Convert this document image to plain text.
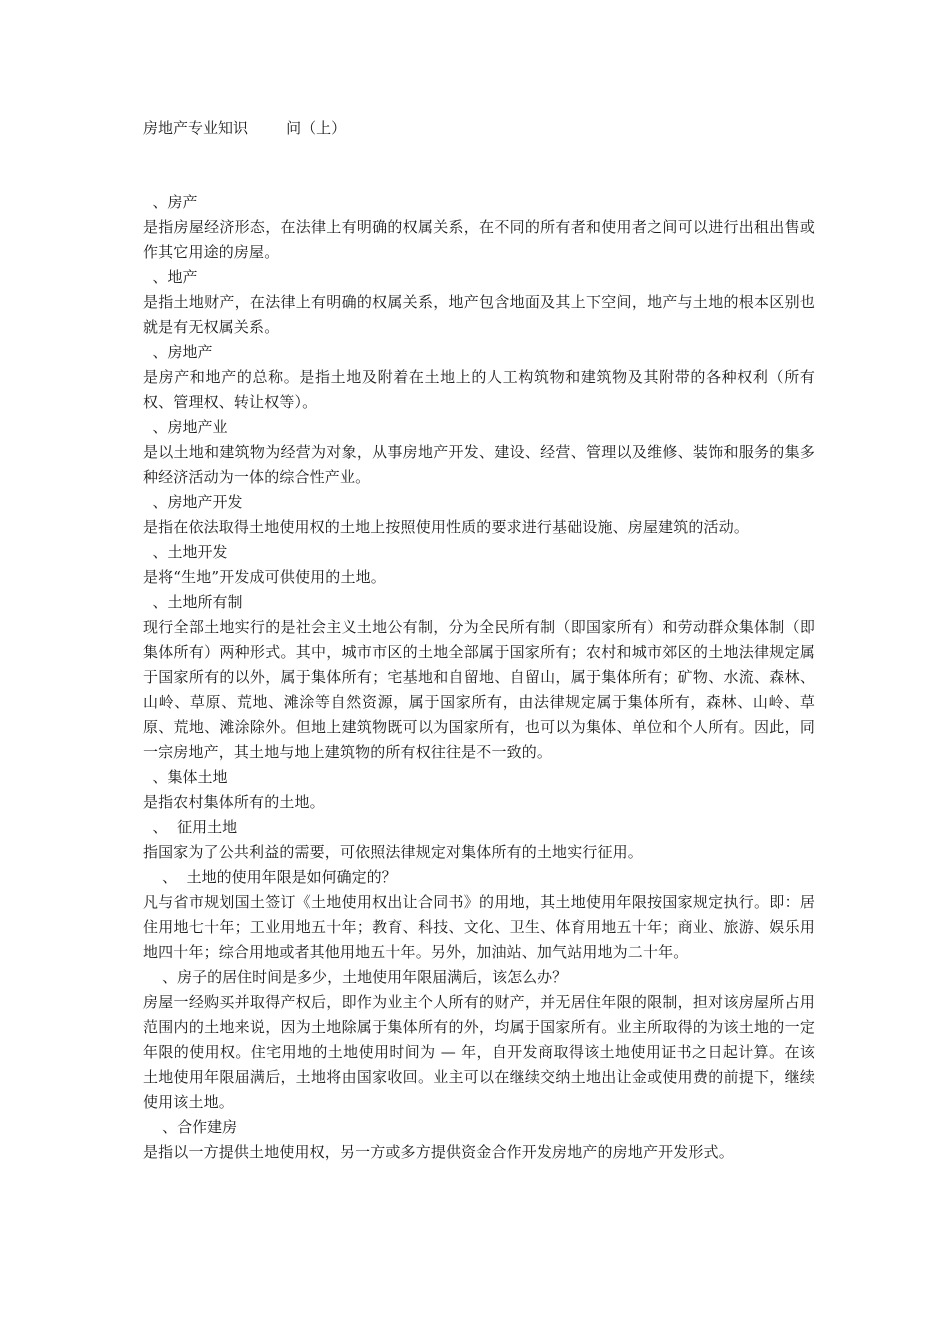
房地产专业知识        问（上）

、房产

是指房屋经济形态，在法律上有明确的权属关系，在不同的所有者和使用者之间可以进行出租出售或作其它用途的房屋。

、地产

是指土地财产，在法律上有明确的权属关系，地产包含地面及其上下空间，地产与土地的根本区别也就是有无权属关系。

、房地产

是房产和地产的总称。是指土地及附着在土地上的人工构筑物和建筑物及其附带的各种权利（所有权、管理权、转让权等）。

、房地产业

是以土地和建筑物为经营为对象，从事房地产开发、建设、经营、管理以及维修、装饰和服务的集多种经济活动为一体的综合性产业。

、房地产开发

是指在依法取得土地使用权的土地上按照使用性质的要求进行基础设施、房屋建筑的活动。

、土地开发

是将“生地”开发成可供使用的土地。

、土地所有制

现行全部土地实行的是社会主义土地公有制，分为全民所有制（即国家所有）和劳动群众集体制（即集体所有）两种形式。其中，城市市区的土地全部属于国家所有；农村和城市郊区的土地法律规定属于国家所有的以外，属于集体所有；宅基地和自留地、自留山，属于集体所有；矿物、水流、森林、山岭、草原、荒地、滩涂等自然资源，属于国家所有，由法律规定属于集体所有，森林、山岭、草原、荒地、滩涂除外。但地上建筑物既可以为国家所有，也可以为集体、单位和个人所有。因此，同一宗房地产，其土地与地上建筑物的所有权往往是不一致的。

、集体土地

是指农村集体所有的土地。

、  征用土地

指国家为了公共利益的需要，可依照法律规定对集体所有的土地实行征用。

、  土地的使用年限是如何确定的？

凡与省市规划国土签订《土地使用权出让合同书》的用地，其土地使用年限按国家规定执行。即：居住用地七十年；工业用地五十年；教育、科技、文化、卫生、体育用地五十年；商业、旅游、娱乐用地四十年；综合用地或者其他用地五十年。另外，加油站、加气站用地为二十年。

、房子的居住时间是多少，土地使用年限届满后，该怎么办？

房屋一经购买并取得产权后，即作为业主个人所有的财产，并无居住年限的限制，担对该房屋所占用范围内的土地来说，因为土地除属于集体所有的外，均属于国家所有。业主所取得的为该土地的一定年限的使用权。住宅用地的土地使用时间为 — 年，自开发商取得该土地使用证书之日起计算。在该土地使用年限届满后，土地将由国家收回。业主可以在继续交纳土地出让金或使用费的前提下，继续使用该土地。

、合作建房

是指以一方提供土地使用权，另一方或多方提供资金合作开发房地产的房地产开发形式。
